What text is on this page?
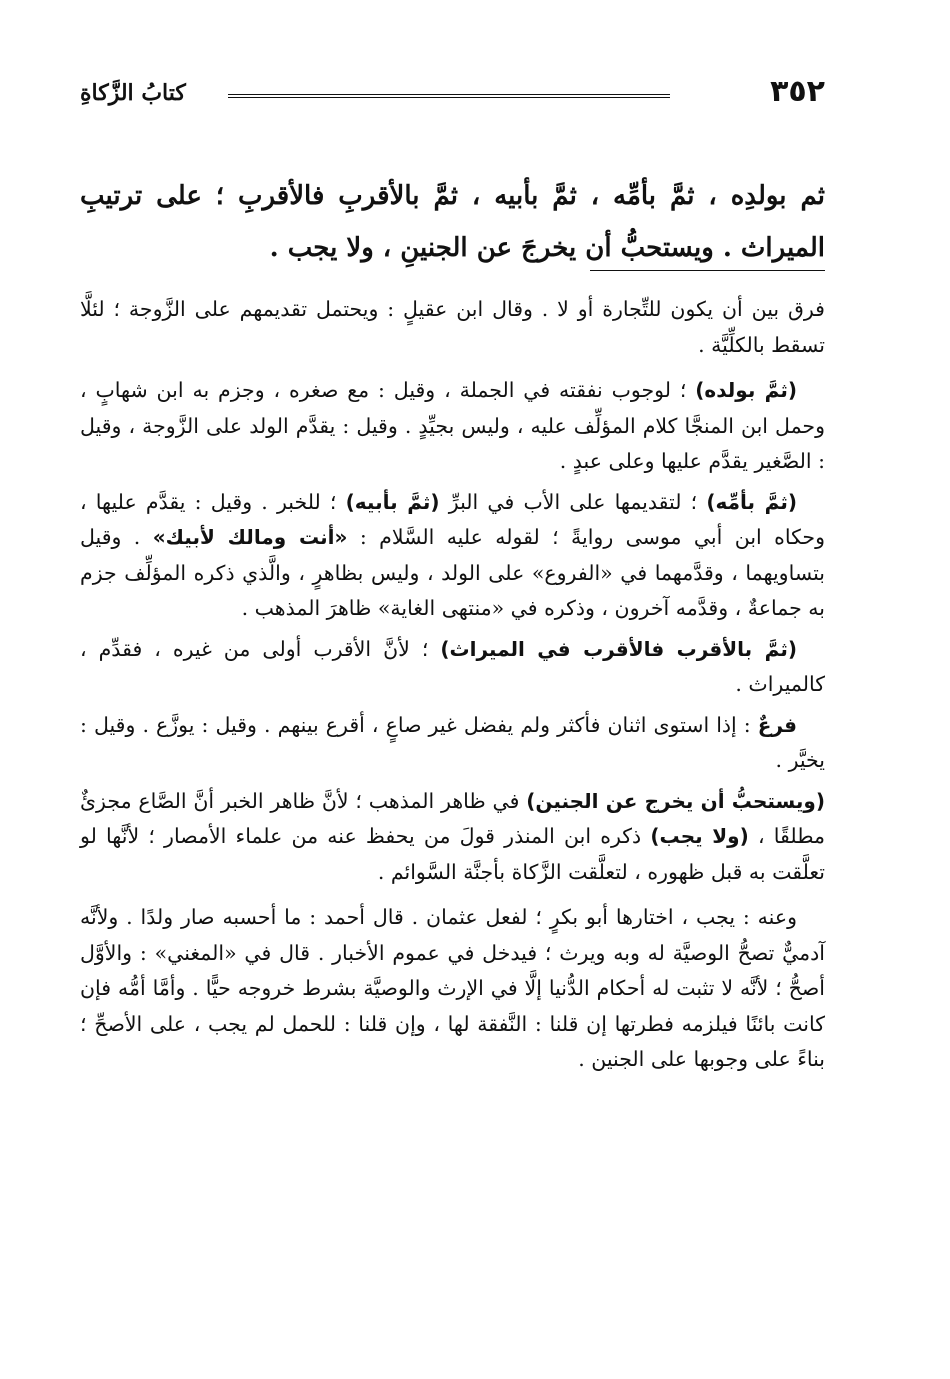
٣٥٢
كتابُ الزَّكاةِ
ثم بولدِه ، ثمَّ بأمِّه ، ثمَّ بأبيه ، ثمَّ بالأقربِ فالأقربِ ؛ على ترتيبِ الميراث . ويستحبُّ أن يخرجَ عن الجنينِ ، ولا يجب .

فرق بين أن يكون للتِّجارة أو لا . وقال ابن عقيلٍ : ويحتمل تقديمهم على الزَّوجة ؛ لئلَّا تسقط بالكلِّيَّة .

(ثمَّ بولده) ؛ لوجوب نفقته في الجملة ، وقيل : مع صغره ، وجزم به ابن شهابٍ ، وحمل ابن المنجَّا كلام المؤلِّف عليه ، وليس بجيِّدٍ . وقيل : يقدَّم الولد على الزَّوجة ، وقيل : الصَّغير يقدَّم عليها وعلى عبدٍ .

(ثمَّ بأمِّه) ؛ لتقديمها على الأب في البرِّ (ثمَّ بأبيه) ؛ للخبر . وقيل : يقدَّم عليها ، وحكاه ابن أبي موسى روايةً ؛ لقوله عليه السَّلام : «أنت ومالك لأبيك» . وقيل بتساويهما ، وقدَّمهما في «الفروع» على الولد ، وليس بظاهرٍ ، والَّذي ذكره المؤلِّف جزم به جماعةٌ ، وقدَّمه آخرون ، وذكره في «منتهى الغاية» ظاهرَ المذهب .

(ثمَّ بالأقرب فالأقرب في الميراث) ؛ لأنَّ الأقرب أولى من غيره ، فقدِّم ، كالميراث .

فرعٌ : إذا استوى اثنان فأكثر ولم يفضل غير صاعٍ ، أقرع بينهم . وقيل : يوزَّع . وقيل : يخيَّر .

(ويستحبُّ أن يخرج عن الجنين) في ظاهر المذهب ؛ لأنَّ ظاهر الخبر أنَّ الصَّاع مجزئٌ مطلقًا ، (ولا يجب) ذكره ابن المنذر قولَ من يحفظ عنه من علماء الأمصار ؛ لأنَّها لو تعلَّقت به قبل ظهوره ، لتعلَّقت الزَّكاة بأجنَّة السَّوائم .

وعنه : يجب ، اختارها أبو بكرٍ ؛ لفعل عثمان . قال أحمد : ما أحسبه صار ولدًا . ولأنَّه آدميٌّ تصحُّ الوصيَّة له وبه ويرث ؛ فيدخل في عموم الأخبار . قال في «المغني» : والأوَّل أصحُّ ؛ لأنَّه لا تثبت له أحكام الدُّنيا إلَّا في الإرث والوصيَّة بشرط خروجه حيًّا . وأمَّا أمُّه فإن كانت بائنًا فيلزمه فطرتها إن قلنا : النَّفقة لها ، وإن قلنا : للحمل لم يجب ، على الأصحِّ ؛ بناءً على وجوبها على الجنين .
